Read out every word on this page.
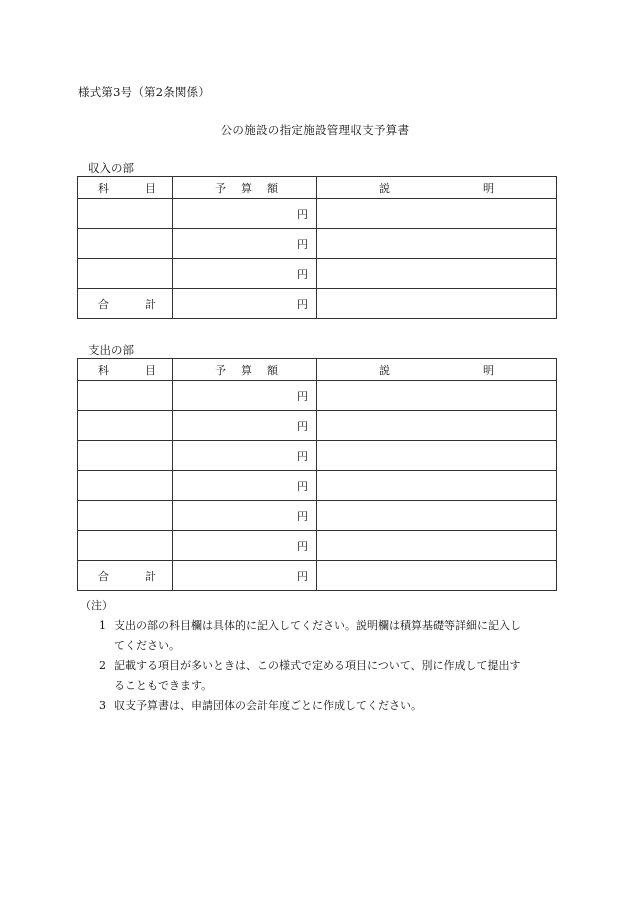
様式第3号（第2条関係）
公の施設の指定施設管理収支予算書
収入の部
科 目	予 算 額	説 明

	円	
	円	
	円	

合 計	円	
支出の部
科 目	予 算 額	説 明

	円	
	円	
	円	
	円	
	円	
	円	

合 計	円	
（注）
1 支出の部の科目欄は具体的に記入してください。説明欄は積算基礎等詳細に記入し
てください。
2 記載する項目が多いときは、この様式で定める項目について、別に作成して提出す
ることもできます。
3 収支予算書は、申請団体の会計年度ごとに作成してください。
